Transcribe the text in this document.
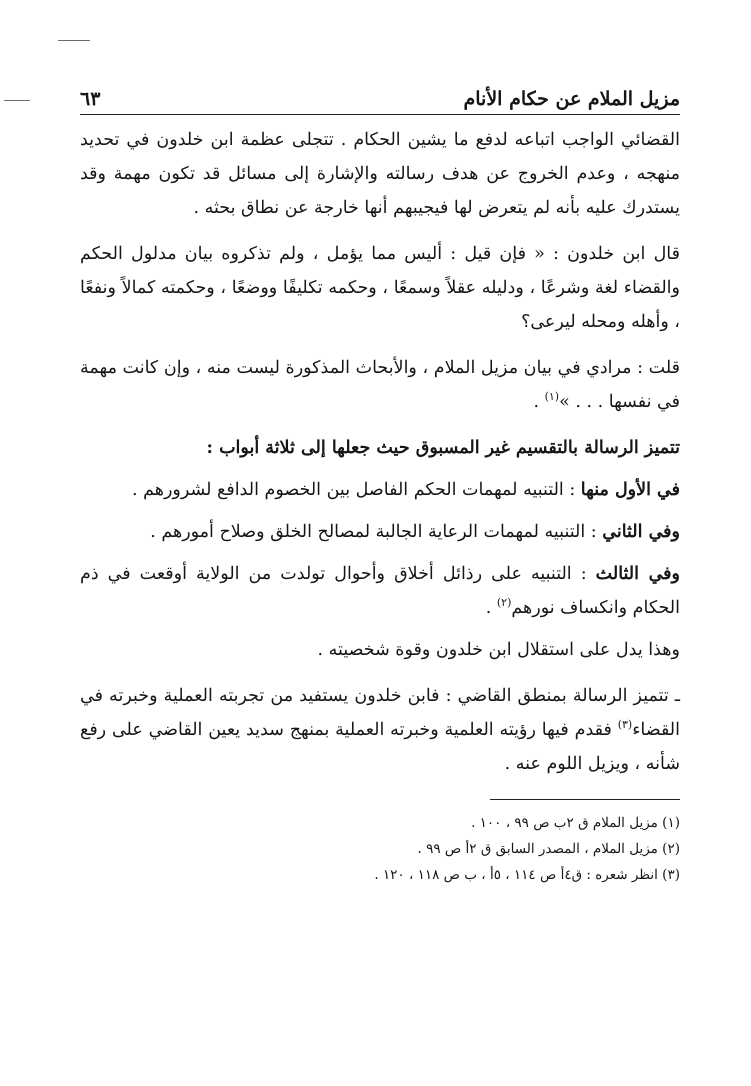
مزيل الملام عن حكام الأنام
٦٣

القضائي الواجب اتباعه لدفع ما يشين الحكام . تتجلى عظمة ابن خلدون في تحديد منهجه ، وعدم الخروج عن هدف رسالته والإشارة إلى مسائل قد تكون مهمة وقد يستدرك عليه بأنه لم يتعرض لها فيجيبهم أنها خارجة عن نطاق بحثه .

قال ابن خلدون : « فإن قيل : أليس مما يؤمل ، ولم تذكروه بيان مدلول الحكم والقضاء لغة وشرعًا ، ودليله عقلاً وسمعًا ، وحكمه تكليفًا ووضعًا ، وحكمته كمالاً ونفعًا ، وأهله ومحله ليرعى؟

قلت : مرادي في بيان مزيل الملام ، والأبحاث المذكورة ليست منه ، وإن كانت مهمة في نفسها . . . »$^{(١)}$ .

تتميز الرسالة بالتقسيم غير المسبوق حيث جعلها إلى ثلاثة أبواب :

في الأول منها : التنبيه لمهمات الحكم الفاصل بين الخصوم الدافع لشرورهم .

وفي الثاني : التنبيه لمهمات الرعاية الجالبة لمصالح الخلق وصلاح أمورهم .

وفي الثالث : التنبيه على رذائل أخلاق وأحوال تولدت من الولاية أوقعت في ذم الحكام وانكساف نورهم$^{(٢)}$ .

وهذا يدل على استقلال ابن خلدون وقوة شخصيته .

ـ تتميز الرسالة بمنطق القاضي : فابن خلدون يستفيد من تجربته العملية وخبرته في القضاء$^{(٣)}$ فقدم فيها رؤيته العلمية وخبرته العملية بمنهج سديد يعين القاضي على رفع شأنه ، ويزيل اللوم عنه .

(١) مزيل الملام ق ٢ب ص ٩٩ ، ١٠٠ .
(٢) مزيل الملام ، المصدر السابق ق ٢أ ص ٩٩ .
(٣) انظر شعره : ق٤أ ص ١١٤ ، ٥أ ، ب ص ١١٨ ، ١٢٠ .
